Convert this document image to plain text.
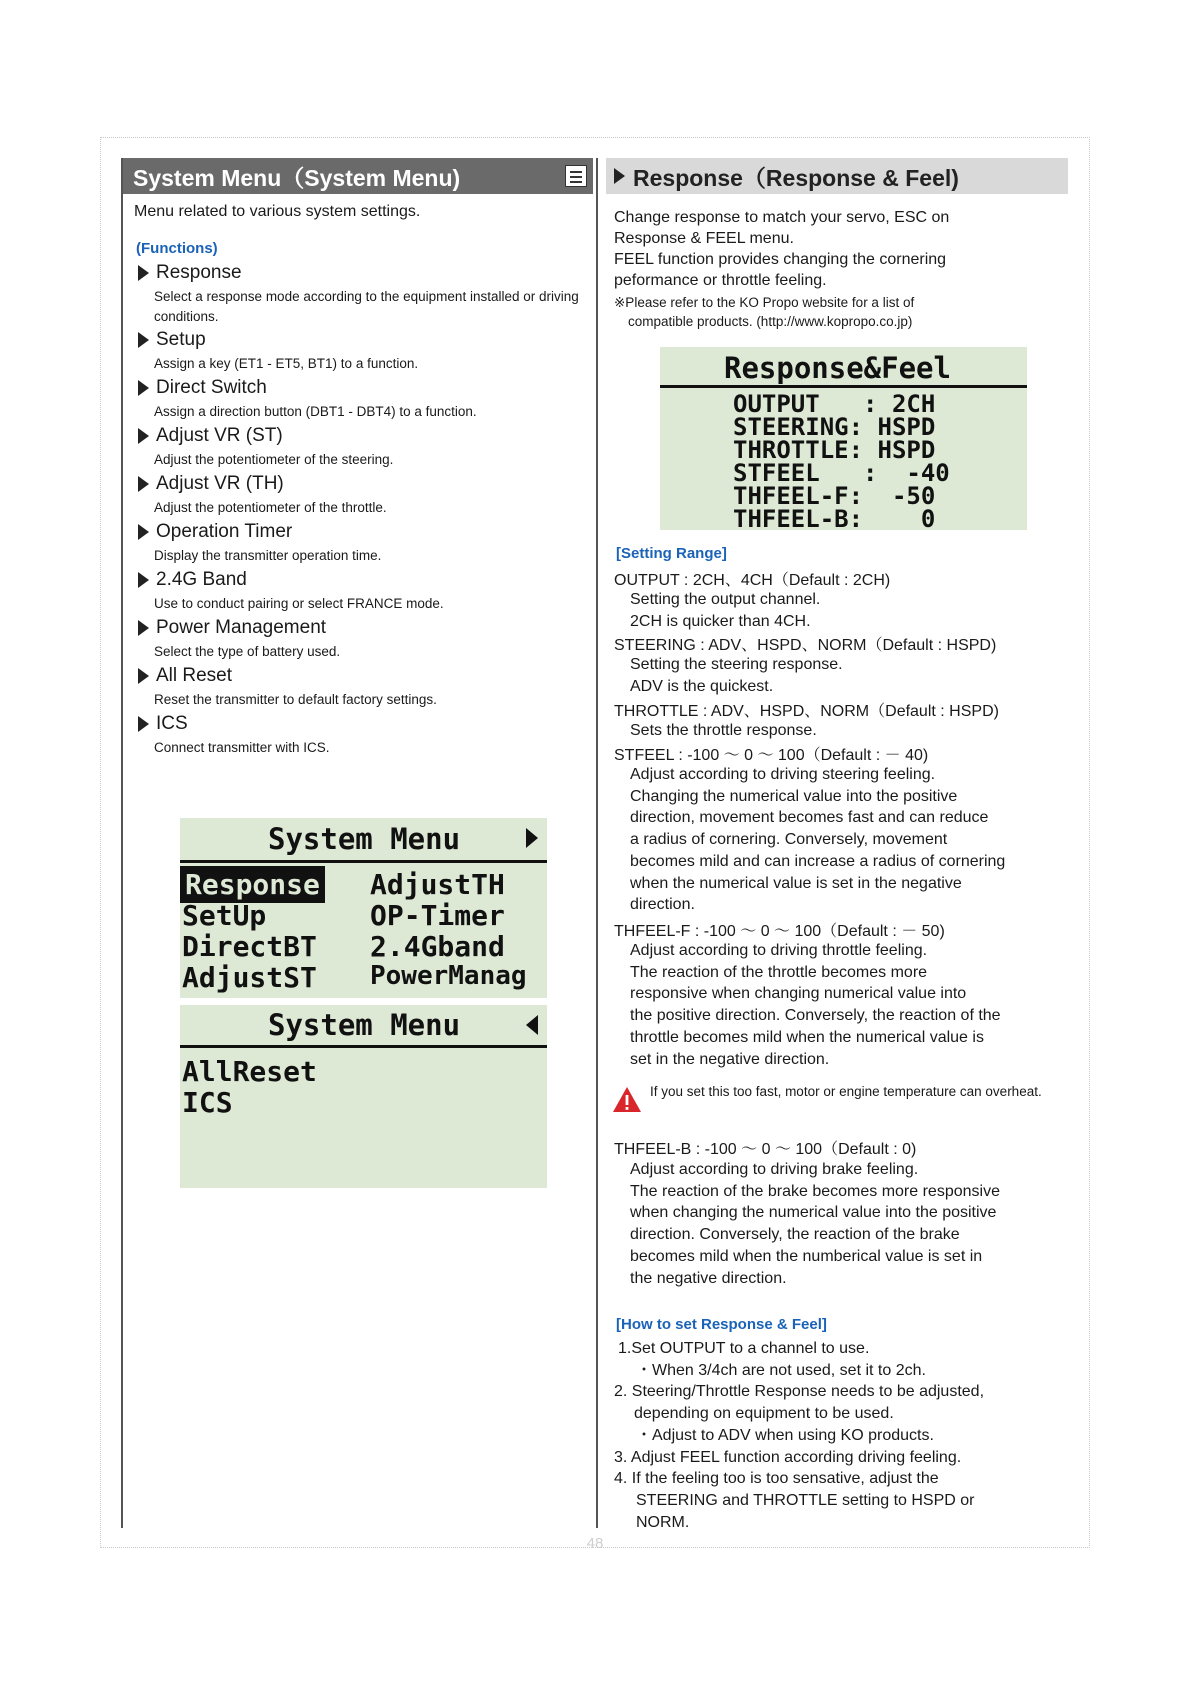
System Menu（System Menu)
Menu related to various system settings.
(Functions)
Response
Select a response mode according to the equipment installed or driving conditions.
Setup
Assign a key (ET1 - ET5, BT1) to a function.
Direct Switch
Assign a direction button (DBT1 - DBT4) to a function.
Adjust VR (ST)
Adjust the potentiometer of the steering.
Adjust VR (TH)
Adjust the potentiometer of the throttle.
Operation Timer
Display the transmitter operation time.
2.4G Band
Use to conduct pairing or select FRANCE mode.
Power Management
Select the type of battery used.
All Reset
Reset the transmitter to default factory settings.
ICS
Connect transmitter with ICS.
System Menu
Response AdjustTH
SetUp	OP-Timer
DirectBT 2.4Gband
AdjustST PowerManag
System Menu
AllReset
ICS
Response（Response & Feel)
Change response to match your servo, ESC on
Response & FEEL menu.
FEEL function provides changing the cornering
peformance or throttle feeling.
※Please refer to the KO Propo website for a list of
compatible products. (http://www.kopropo.co.jp)
Response&Feel
OUTPUT   : 2CH
STEERING: HSPD
THROTTLE: HSPD
STFEEL   :  -40
THFEEL-F:  -50
THFEEL-B:    0
[Setting Range]
OUTPUT : 2CH、4CH（Default : 2CH)
Setting the output channel.
2CH is quicker than 4CH.
STEERING : ADV、HSPD、NORM（Default : HSPD)
Setting the steering response.
ADV is the quickest.
THROTTLE : ADV、HSPD、NORM（Default : HSPD)
Sets the throttle response.
STFEEL : -100 ～ 0 ～ 100（Default : － 40)
Adjust according to driving steering feeling.
Changing the numerical value into the positive
direction, movement becomes fast and can reduce
a radius of cornering. Conversely, movement
becomes mild and can increase a radius of cornering
when the numerical value is set in the negative
direction.
THFEEL-F : -100 ～ 0 ～ 100（Default : － 50)
Adjust according to driving throttle feeling.
The reaction of the throttle becomes more
responsive when changing numerical value into
the positive direction. Conversely, the reaction of the
throttle becomes mild when the numerical value is
set in the negative direction.
If you set this too fast, motor or engine temperature can overheat.
THFEEL-B : -100 ～ 0 ～ 100（Default : 0)
Adjust according to driving brake feeling.
The reaction of the brake becomes more responsive
when changing the numerical value into the positive
direction. Conversely, the reaction of the brake
becomes mild when the numberical value is set in
the negative direction.
[How to set Response & Feel]
1.Set OUTPUT to a channel to use.
・When 3/4ch are not used, set it to 2ch.
2. Steering/Throttle Response needs to be adjusted,
depending on equipment to be used.
・Adjust to ADV when using KO products.
3. Adjust FEEL function according driving feeling.
4. If the feeling too is too sensative, adjust the
STEERING and THROTTLE setting to HSPD or
NORM.
48
